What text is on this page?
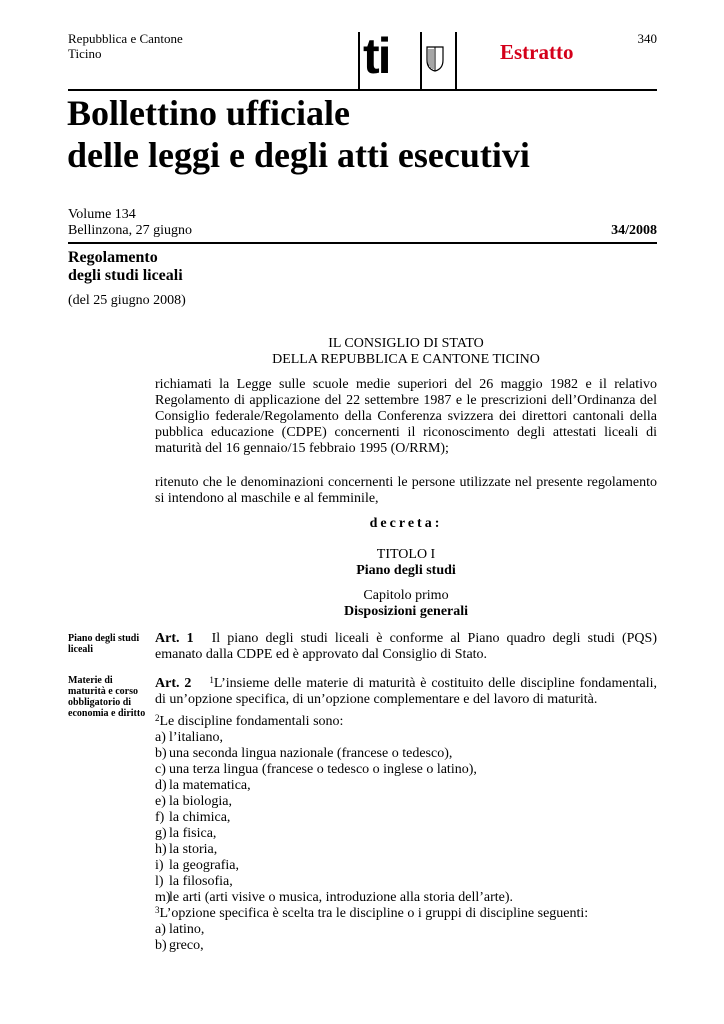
Repubblica e Cantone
Ticino	ti	Estratto
340
Bollettino ufficiale
delle leggi e degli atti esecutivi
Volume 134
Bellinzona, 27 giugno	34/2008
Regolamento
degli studi liceali
(del 25 giugno 2008)
IL CONSIGLIO DI STATO
DELLA REPUBBLICA E CANTONE TICINO
richiamati la Legge sulle scuole medie superiori del 26 maggio 1982 e il relativo Regolamento di applicazione del 22 settembre 1987 e le prescrizioni dell’Ordinanza del Consiglio federale/Regolamento della Conferenza svizzera dei direttori cantonali della pubblica educazione (CDPE) concernenti il riconoscimento degli attestati liceali di maturità del 16 gennaio/15 febbraio 1995 (O/RRM);
ritenuto che le denominazioni concernenti le persone utilizzate nel presente regolamento si intendono al maschile e al femminile,
decreta:
TITOLO I
Piano degli studi
Capitolo primo
Disposizioni generali
Piano degli studi liceali
Materie di maturità e corso obbligatorio di economia e diritto
Art. 1 Il piano degli studi liceali è conforme al Piano quadro degli studi (PQS) emanato dalla CDPE ed è approvato dal Consiglio di Stato.
Art. 2 $^1$L’insieme delle materie di maturità è costituito delle discipline fondamentali, di un’opzione specifica, di un’opzione complementare e del lavoro di maturità.
$^2$Le discipline fondamentali sono:
a) l’italiano,
b) una seconda lingua nazionale (francese o tedesco),
c) una terza lingua (francese o tedesco o inglese o latino),
d) la matematica,
e) la biologia,
f) la chimica,
g) la fisica,
h) la storia,
i) la geografia,
l) la filosofia,
m)
le arti (arti visive o musica, introduzione alla storia dell’arte).
$^3$L’opzione specifica è scelta tra le discipline o i gruppi di discipline seguenti:
a) latino,
b) greco,
